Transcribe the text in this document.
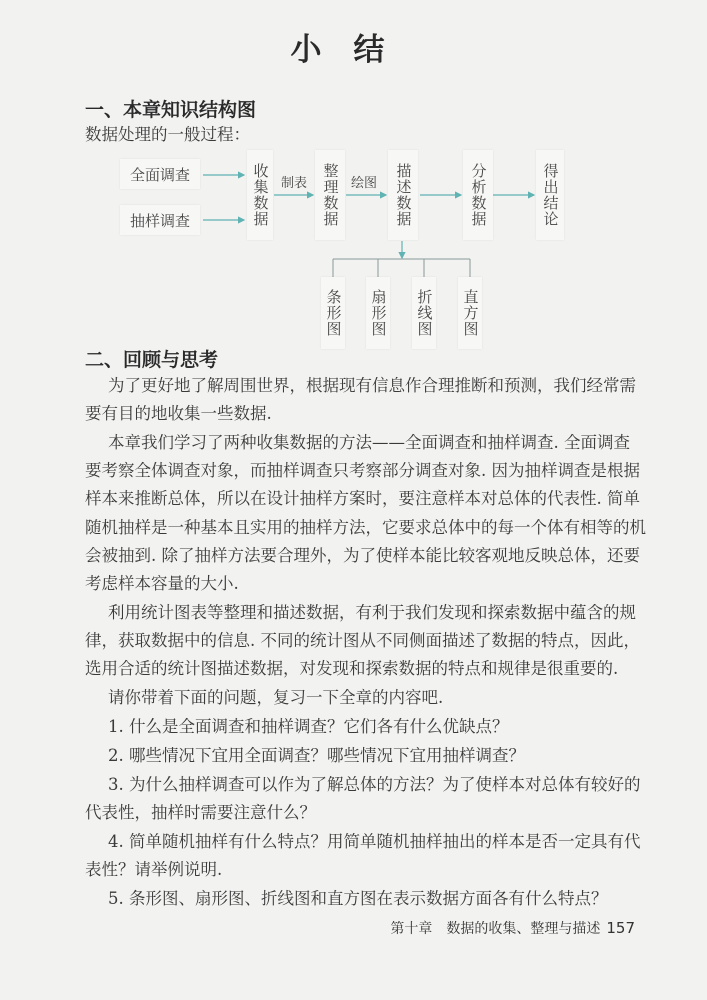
小结
一、本章知识结构图
数据处理的一般过程：
全面调查
抽样调查	收集数据 制表 整理数据 绘图	描述数据	分析数据	得出结论
条形图 扇形图 折线图 直方图
二、回顾与思考
为了更好地了解周围世界，根据现有信息作合理推断和预测，我们经常需
要有目的地收集一些数据.
本章我们学习了两种收集数据的方法——全面调查和抽样调查. 全面调查
要考察全体调查对象，而抽样调查只考察部分调查对象. 因为抽样调查是根据
样本来推断总体，所以在设计抽样方案时，要注意样本对总体的代表性. 简单
随机抽样是一种基本且实用的抽样方法，它要求总体中的每一个体有相等的机
会被抽到. 除了抽样方法要合理外，为了使样本能比较客观地反映总体，还要
考虑样本容量的大小.
利用统计图表等整理和描述数据，有利于我们发现和探索数据中蕴含的规
律，获取数据中的信息. 不同的统计图从不同侧面描述了数据的特点，因此，
选用合适的统计图描述数据，对发现和探索数据的特点和规律是很重要的.
请你带着下面的问题，复习一下全章的内容吧.
1. 什么是全面调查和抽样调查？它们各有什么优缺点？
2. 哪些情况下宜用全面调查？哪些情况下宜用抽样调查？
3. 为什么抽样调查可以作为了解总体的方法？为了使样本对总体有较好的
代表性，抽样时需要注意什么？
4. 简单随机抽样有什么特点？用简单随机抽样抽出的样本是否一定具有代
表性？请举例说明.
5. 条形图、扇形图、折线图和直方图在表示数据方面各有什么特点？
第十章　数据的收集、整理与描述 157
